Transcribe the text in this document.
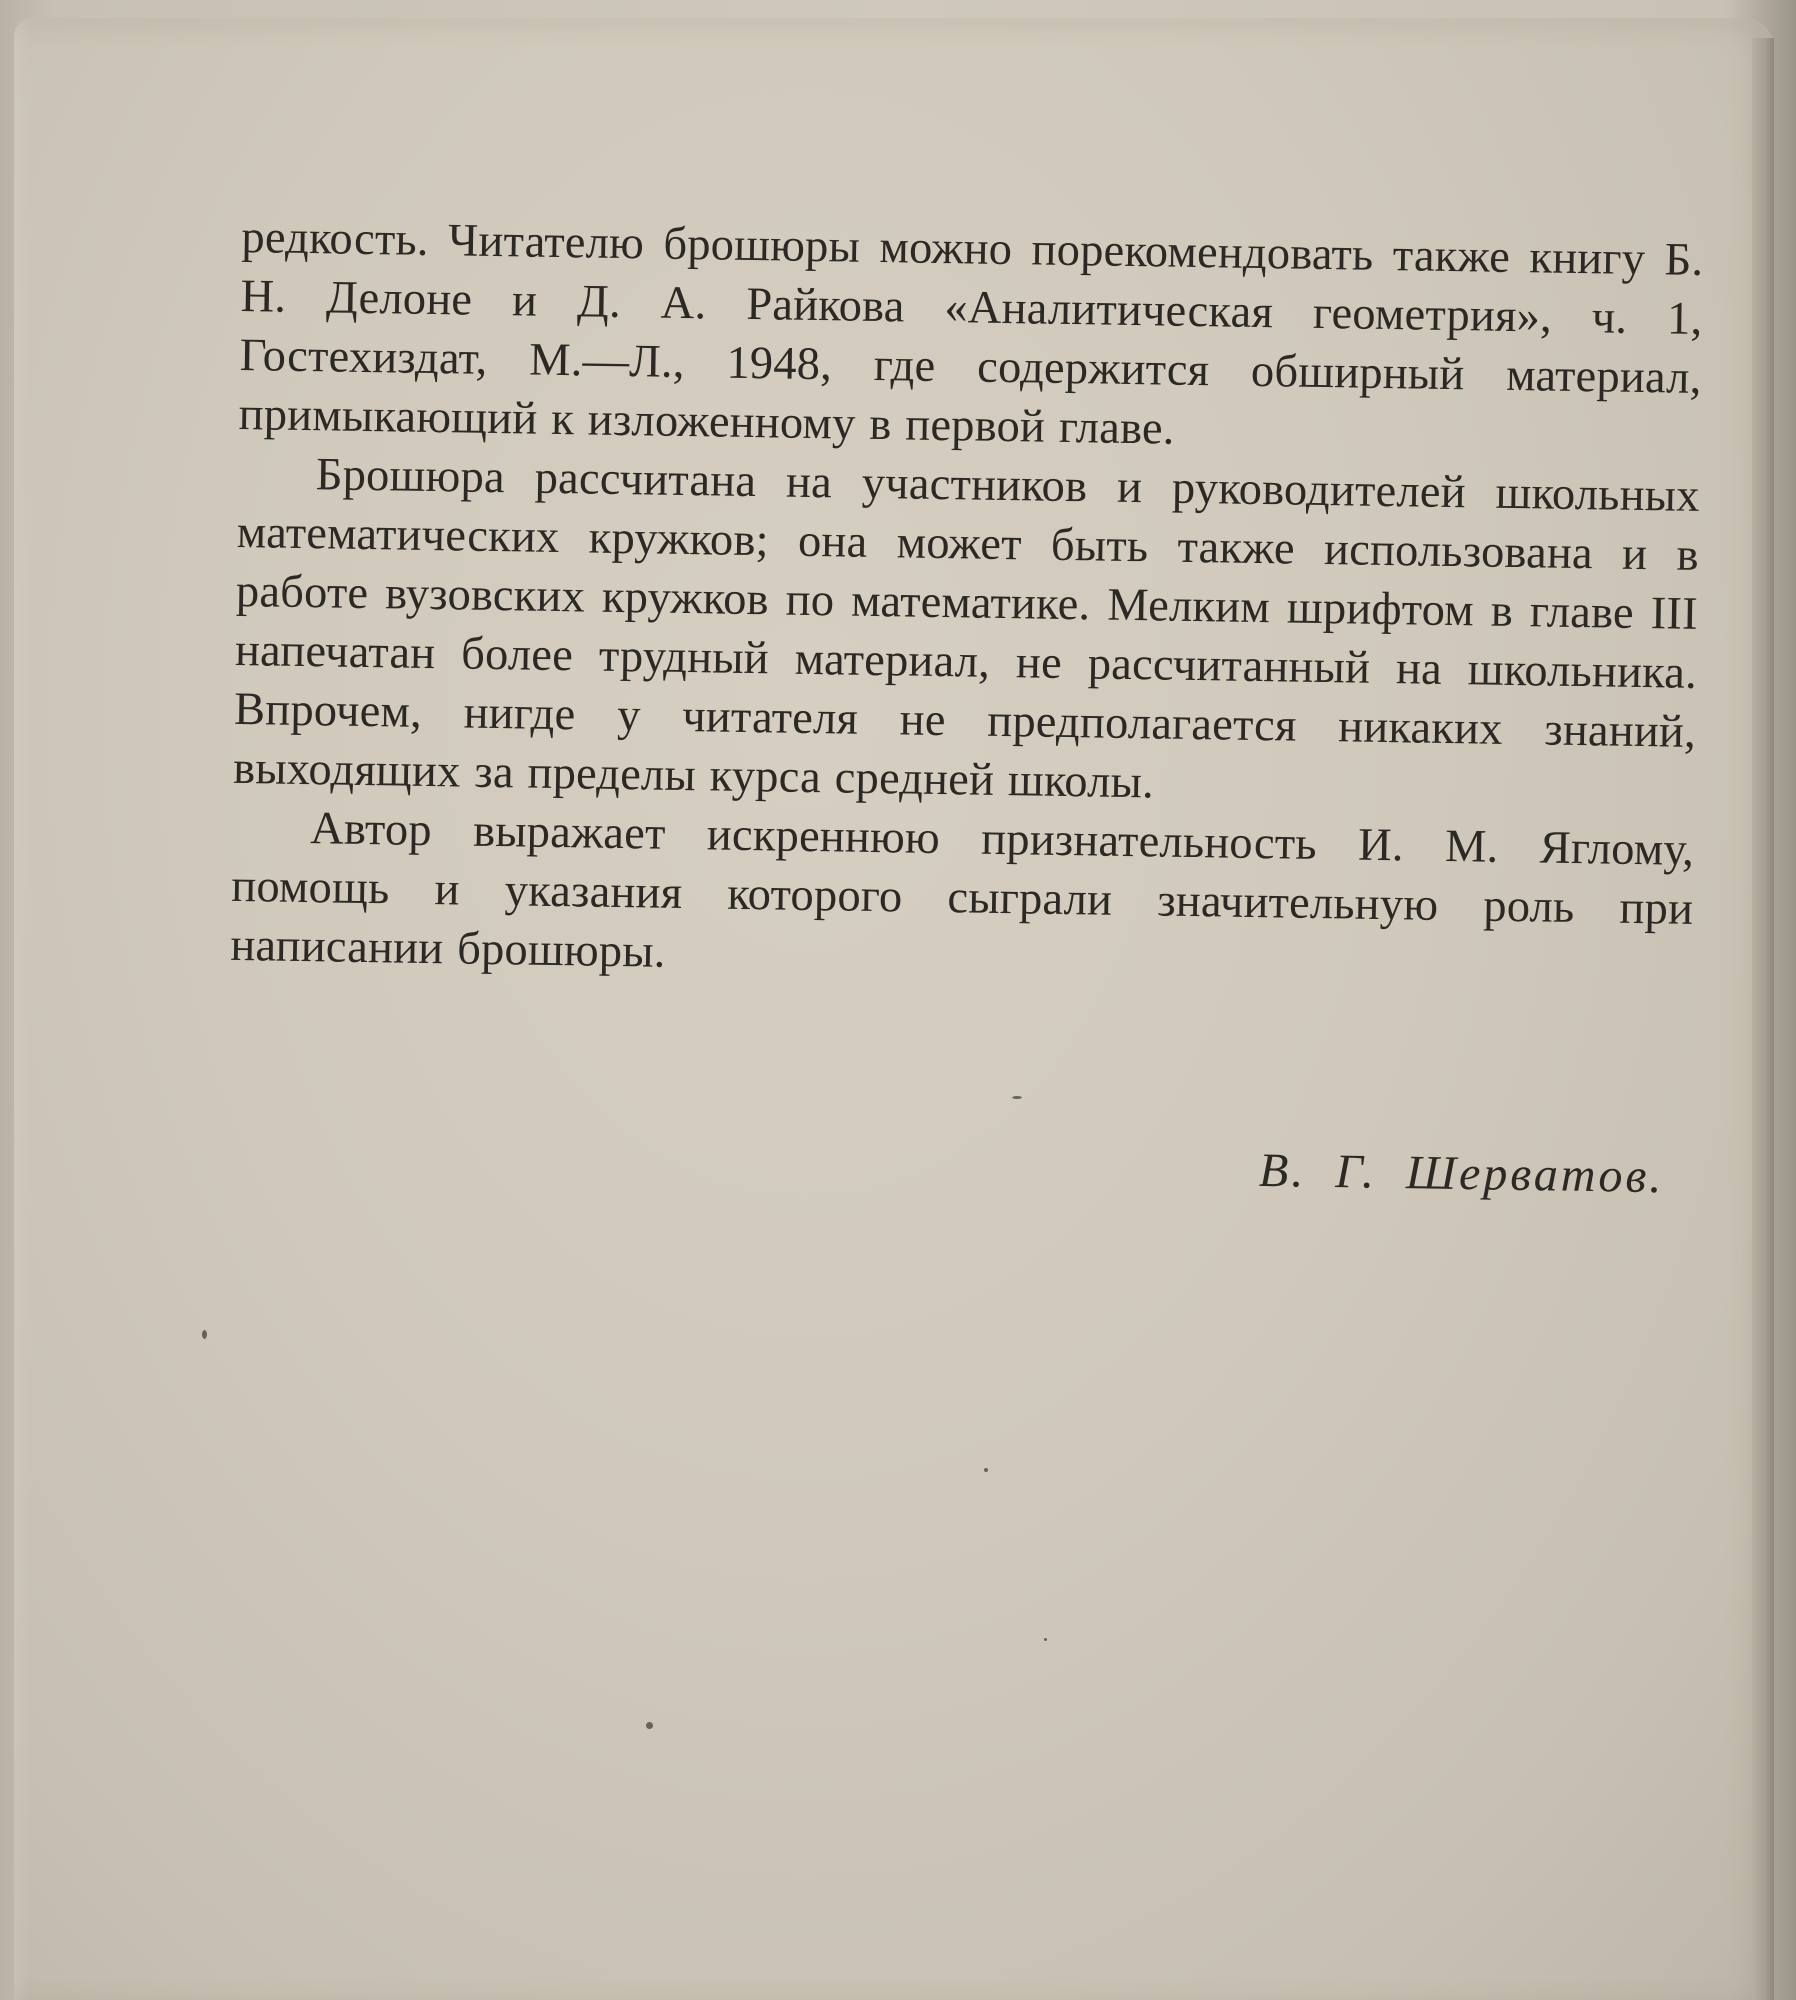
редкость. Читателю брошюры можно порекомендовать также книгу Б. Н. Делоне и Д. А. Райкова «Аналитическая геометрия», ч. 1, Гостехиздат, М.—Л., 1948, где содержится обширный материал, примыкающий к изложенному в первой главе.

Брошюра рассчитана на участников и руководителей школьных математических кружков; она может быть также использована и в работе вузовских кружков по математике. Мелким шрифтом в главе III напечатан более трудный материал, не рассчитанный на школьника. Впрочем, нигде у читателя не предполагается никаких знаний, выходящих за пределы курса средней школы.

Автор выражает искреннюю признательность И. М. Яглому, помощь и указания которого сыграли значительную роль при написании брошюры.

В. Г. Шерватов.
